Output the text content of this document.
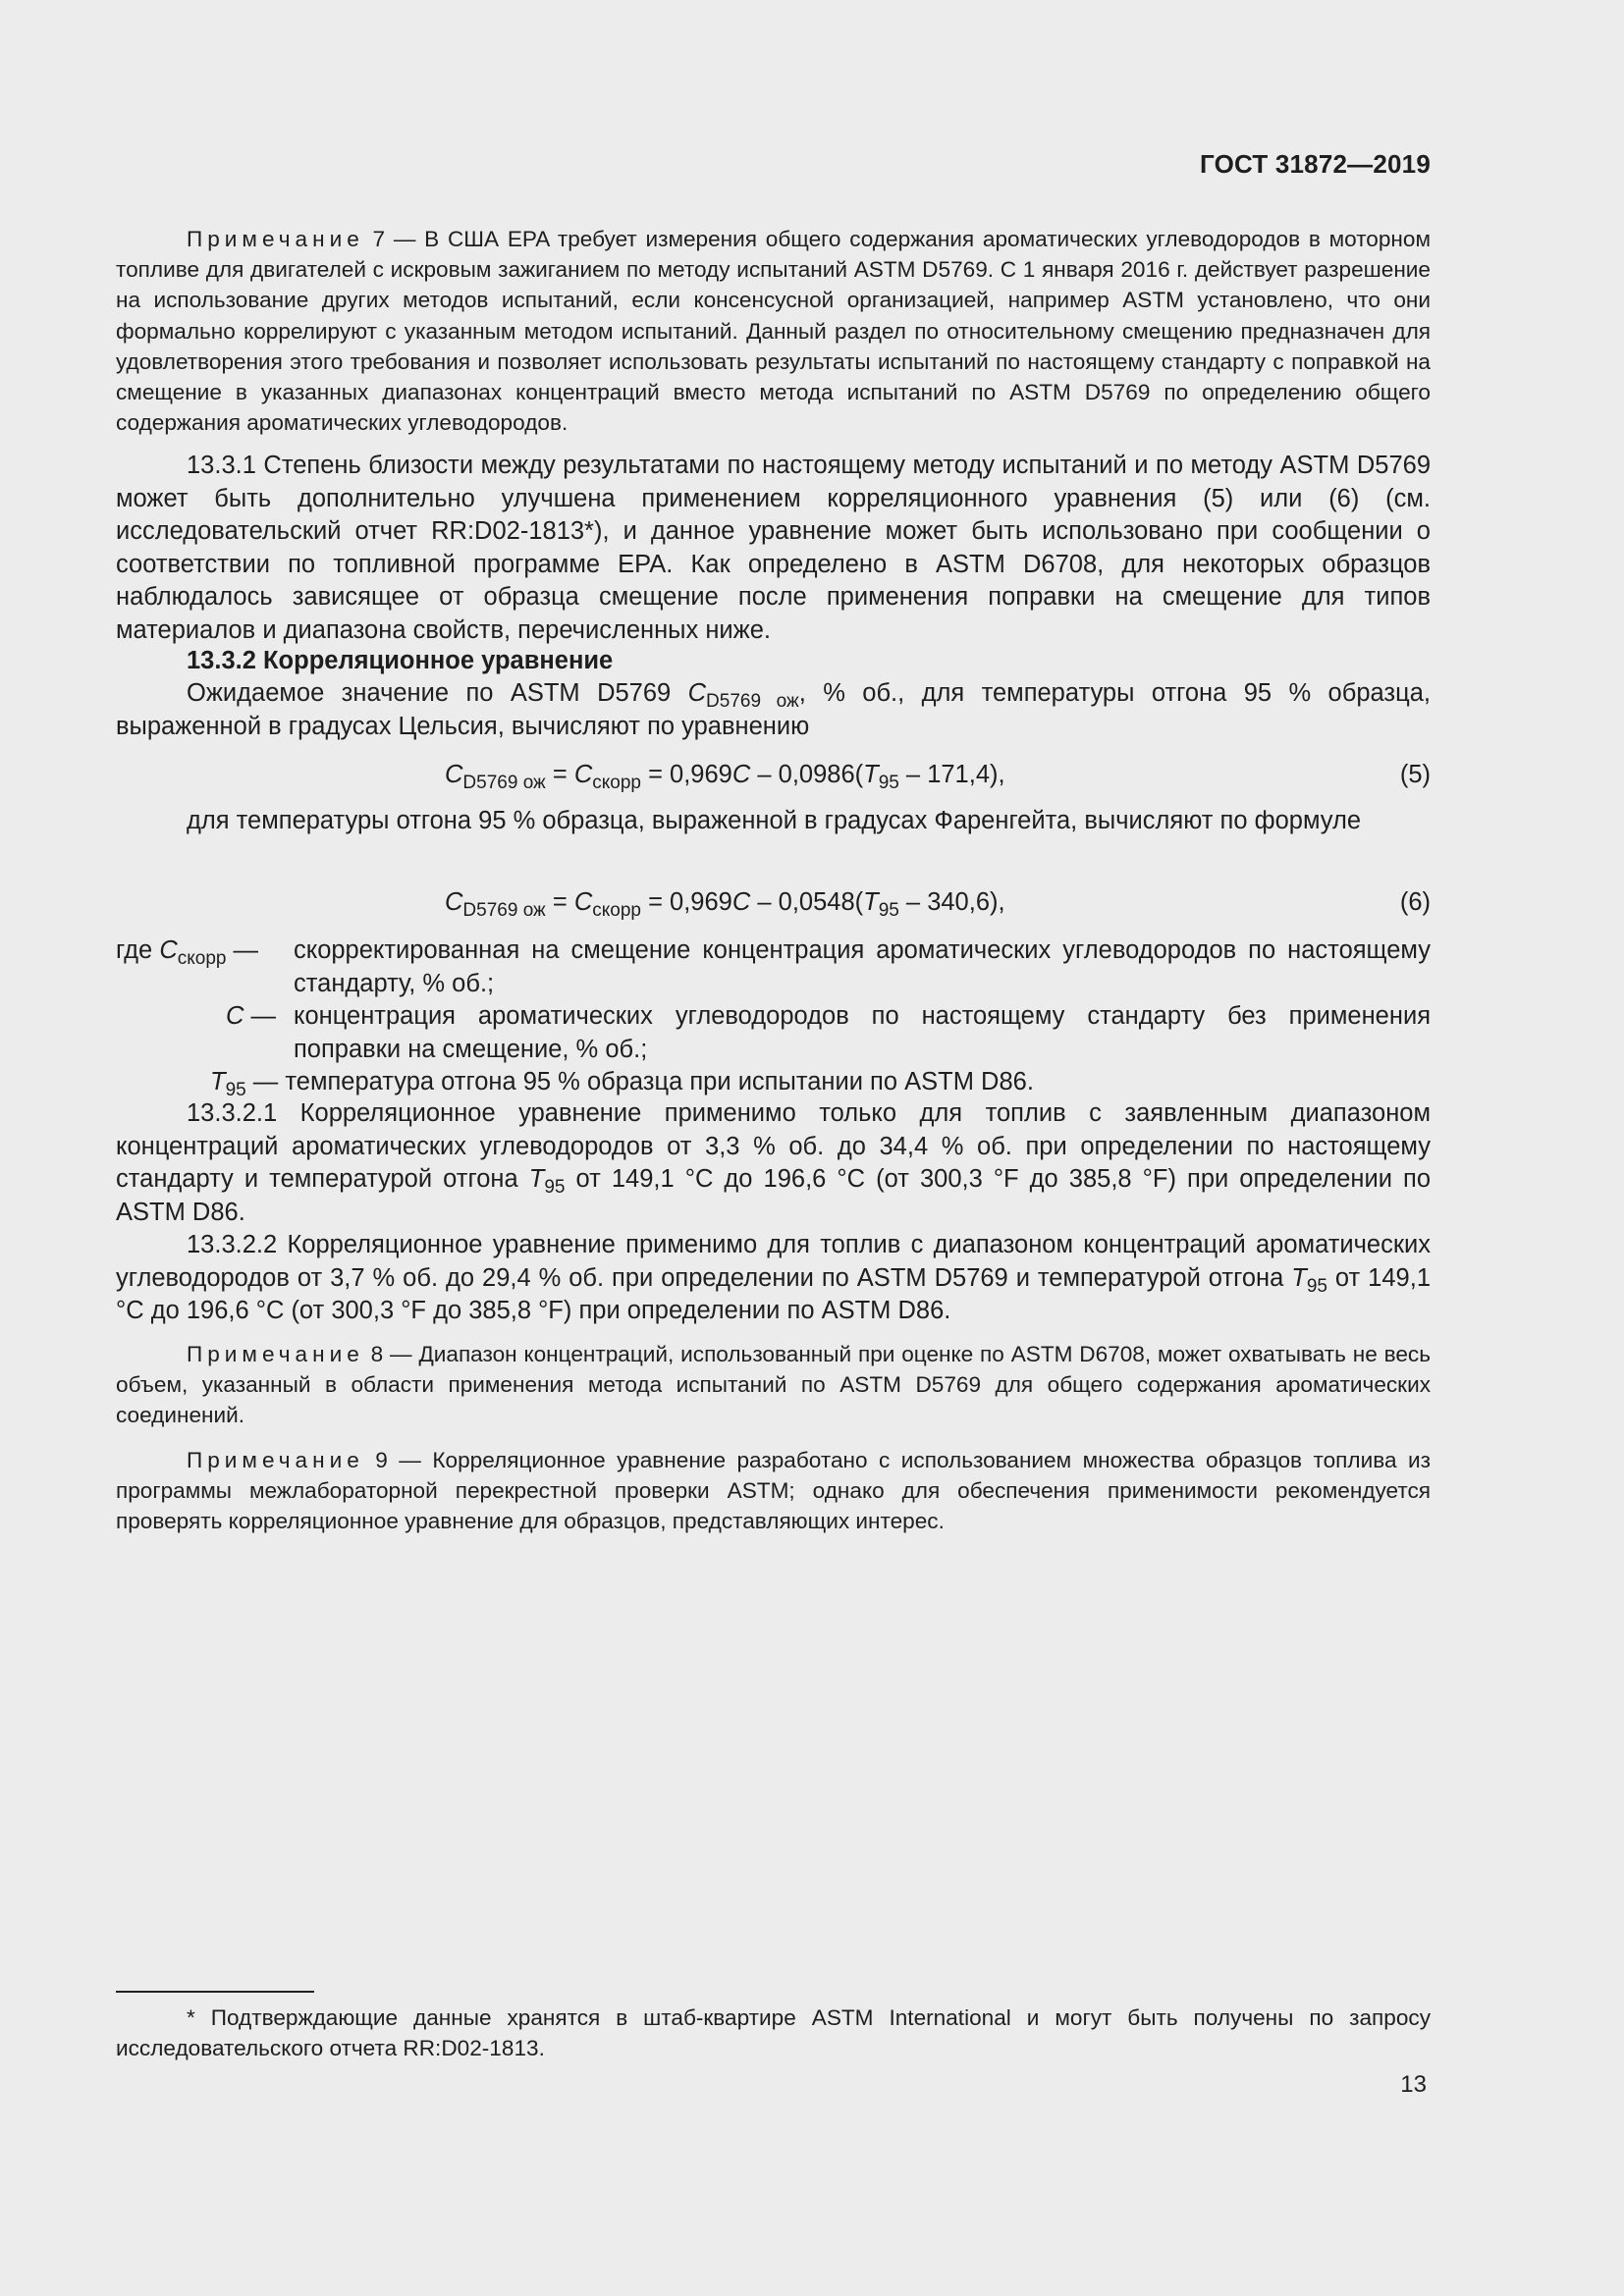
ГОСТ 31872—2019
Примечание 7 — В США EPA требует измерения общего содержания ароматических углеводородов в моторном топливе для двигателей с искровым зажиганием по методу испытаний ASTM D5769. С 1 января 2016 г. действует разрешение на использование других методов испытаний, если консенсусной организацией, например ASTM установлено, что они формально коррелируют с указанным методом испытаний. Данный раздел по относительному смещению предназначен для удовлетворения этого требования и позволяет использовать результаты испытаний по настоящему стандарту с поправкой на смещение в указанных диапазонах концентраций вместо метода испытаний по ASTM D5769 по определению общего содержания ароматических углеводородов.
13.3.1 Степень близости между результатами по настоящему методу испытаний и по методу ASTM D5769 может быть дополнительно улучшена применением корреляционного уравнения (5) или (6) (см. исследовательский отчет RR:D02-1813*), и данное уравнение может быть использовано при сообщении о соответствии по топливной программе EPA. Как определено в ASTM D6708, для некоторых образцов наблюдалось зависящее от образца смещение после применения поправки на смещение для типов материалов и диапазона свойств, перечисленных ниже.
13.3.2 Корреляционное уравнение
Ожидаемое значение по ASTM D5769 $C_{D5769 ож}$, % об., для температуры отгона 95 % образца, выраженной в градусах Цельсия, вычисляют по уравнению
$C_{D5769 ож} = C_{скорр} = 0,969C - 0,0986(T_{95} - 171,4)$,	(5)
для температуры отгона 95 % образца, выраженной в градусах Фаренгейта, вычисляют по формуле
$C_{D5769 ож} = C_{скорр} = 0,969C - 0,0548(T_{95} - 340,6)$,	(6)
где $C_{скорр}$ — скорректированная на смещение концентрация ароматических углеводородов по настоящему стандарту, % об.;
C — концентрация ароматических углеводородов по настоящему стандарту без применения поправки на смещение, % об.;
$T_{95}$ — температура отгона 95 % образца при испытании по ASTM D86.
13.3.2.1 Корреляционное уравнение применимо только для топлив с заявленным диапазоном концентраций ароматических углеводородов от 3,3 % об. до 34,4 % об. при определении по настоящему стандарту и температурой отгона $T_{95}$ от 149,1 °С до 196,6 °С (от 300,3 °F до 385,8 °F) при определении по ASTM D86.
13.3.2.2 Корреляционное уравнение применимо для топлив с диапазоном концентраций ароматических углеводородов от 3,7 % об. до 29,4 % об. при определении по ASTM D5769 и температурой отгона $T_{95}$ от 149,1 °С до 196,6 °С (от 300,3 °F до 385,8 °F) при определении по ASTM D86.
Примечание 8 — Диапазон концентраций, использованный при оценке по ASTM D6708, может охватывать не весь объем, указанный в области применения метода испытаний по ASTM D5769 для общего содержания ароматических соединений.
Примечание 9 — Корреляционное уравнение разработано с использованием множества образцов топлива из программы межлабораторной перекрестной проверки ASTM; однако для обеспечения применимости рекомендуется проверять корреляционное уравнение для образцов, представляющих интерес.
* Подтверждающие данные хранятся в штаб-квартире ASTM International и могут быть получены по запросу исследовательского отчета RR:D02-1813.
13
